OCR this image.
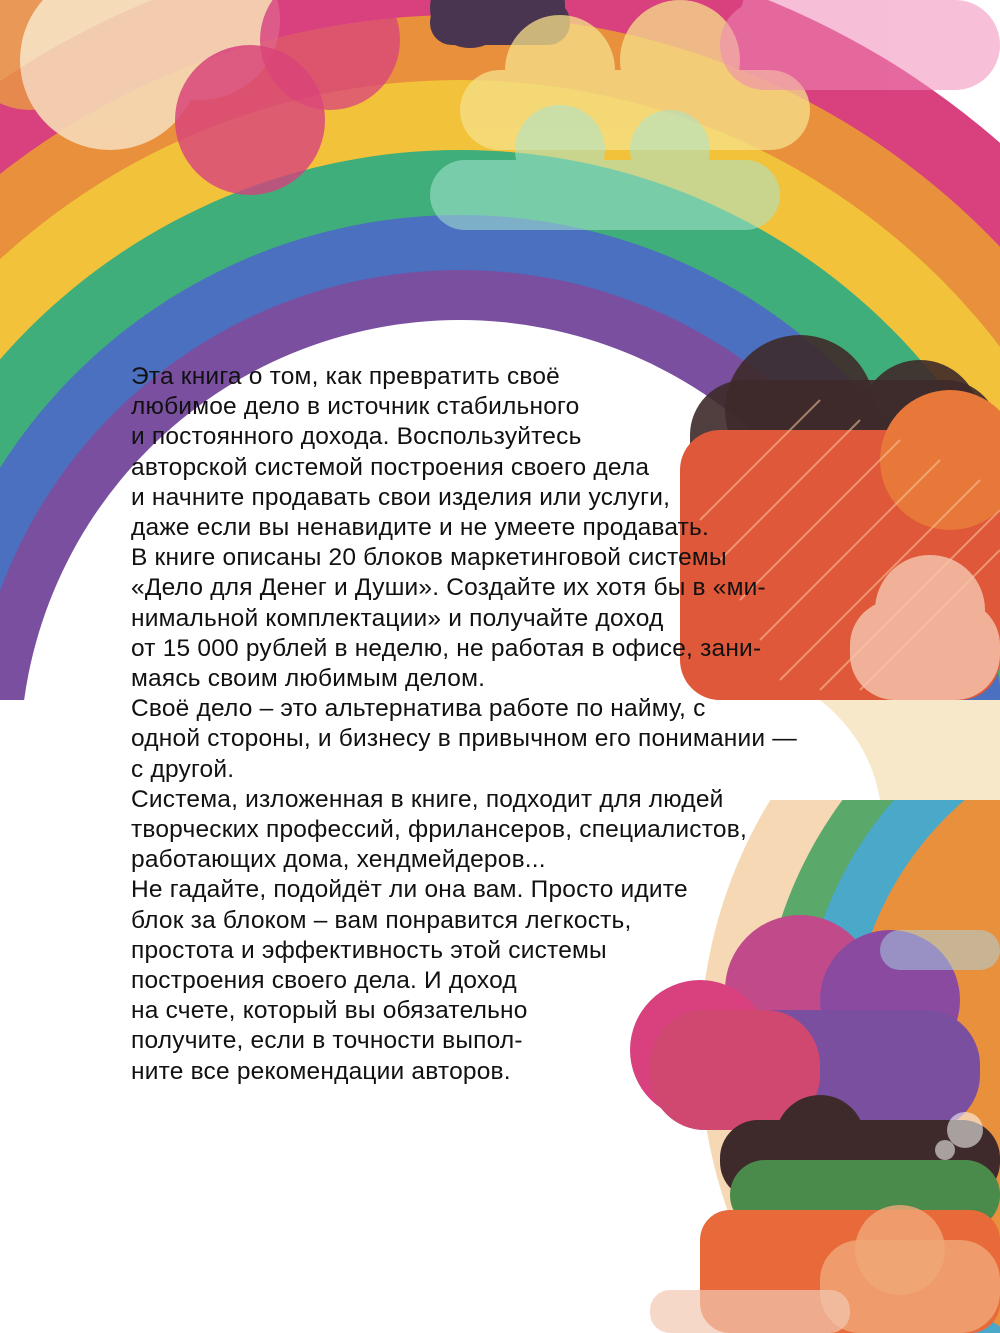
Эта книга о том, как превратить своё
любимое дело в источник стабильного
и постоянного дохода. Воспользуйтесь
авторской системой построения своего дела
и начните продавать свои изделия или услуги,
даже если вы ненавидите и не умеете продавать.
В книге описаны 20 блоков маркетинговой системы
«Дело для Денег и Души». Создайте их хотя бы в «ми-
нимальной комплектации» и получайте доход
от 15 000 рублей в неделю, не работая в офисе, зани-
маясь своим любимым делом.
Своё дело – это альтернатива работе по найму, с
одной стороны, и бизнесу в привычном его понимании —
с другой.
Система, изложенная в книге, подходит для людей
творческих профессий, фрилансеров, специалистов,
работающих дома, хендмейдеров...
Не гадайте, подойдёт ли она вам. Просто идите
блок за блоком – вам понравится легкость,
простота и эффективность этой системы
построения своего дела. И доход
на счете, который вы обязательно
получите, если в точности выпол-
ните все рекомендации авторов.
